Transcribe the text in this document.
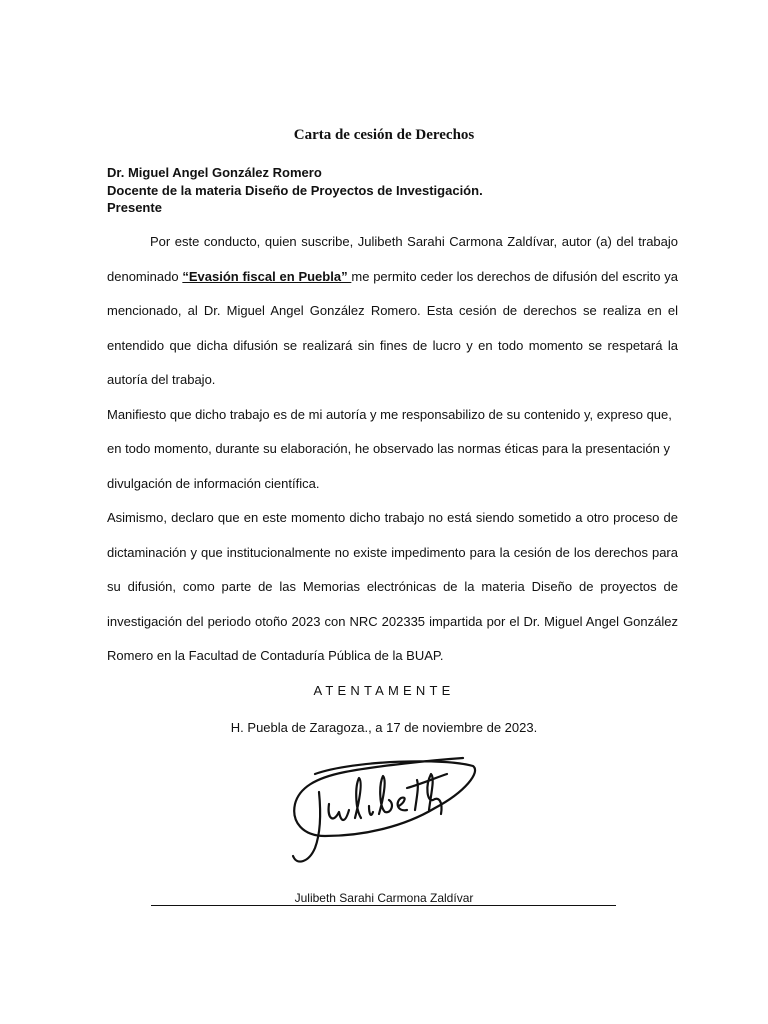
Carta de cesión de Derechos
Dr. Miguel Angel González Romero
Docente de la materia Diseño de Proyectos de Investigación.
Presente

Por este conducto, quien suscribe, Julibeth Sarahi Carmona Zaldívar, autor (a) del trabajo denominado “Evasión fiscal en Puebla” me permito ceder los derechos de difusión del escrito ya mencionado, al Dr. Miguel Angel González Romero. Esta cesión de derechos se realiza en el entendido que dicha difusión se realizará sin fines de lucro y en todo momento se respetará la autoría del trabajo.

Manifiesto que dicho trabajo es de mi autoría y me responsabilizo de su contenido y, expreso que,
en todo momento, durante su elaboración, he observado las normas éticas para la presentación y
divulgación de información científica.

Asimismo, declaro que en este momento dicho trabajo no está siendo sometido a otro proceso de dictaminación y que institucionalmente no existe impedimento para la cesión de los derechos para su difusión, como parte de las Memorias electrónicas de la materia Diseño de proyectos de investigación del periodo otoño 2023 con NRC 202335 impartida por el Dr. Miguel Angel González Romero en la Facultad de Contaduría Pública de la BUAP.

ATENTAMENTE
H. Puebla de Zaragoza., a 17 de noviembre de 2023.
Julibeth Sarahi Carmona Zaldívar
